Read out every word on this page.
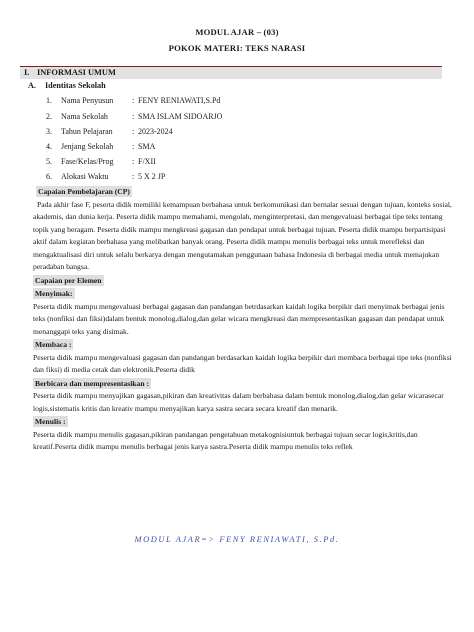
MODUL AJAR – (03)
POKOK MATERI: TEKS NARASI
I. INFORMASI UMUM
A. Identitas Sekolah
1.	Nama Penyusun	: FENY RENIAWATI,S.Pd
2.	Nama Sekolah	: SMA ISLAM SIDOARJO
3.	Tahun Pelajaran	: 2023-2024
4.	Jenjang Sekolah	: SMA
5.	Fase/Kelas/Prog	: F/XII
6.	Alokasi Waktu	: 5 X 2 JP
Capaian Pembelajaran (CP)

Pada akhir fase F, peserta didik memiliki kemampuan berbahasa untuk berkomunikasi dan bernalar sesuai dengan tujuan, konteks sosial, akademis, dan dunia kerja. Peserta didik mampu memahami, mengolah, menginterpretasi, dan mengevaluasi berbagai tipe teks tentang topik yang beragam. Peserta didik mampu mengkreasi gagasan dan pendapat untuk berbagai tujuan. Peserta didik mampu berpartisipasi aktif dalam kegiatan berbahasa yang melibatkan banyak orang. Peserta didik mampu menulis berbagai teks untuk merefleksi dan mengaktualisasi diri untuk selalu berkarya dengan mengutamakan penggunaan bahasa Indonesia di berbagai media untuk memajukan peradaban bangsa.

Capaian per Elemen
Menyimak:

Peserta didik mampu mengevaluasi berbagai gagasan dan pandangan betrdasarkan kaidah logika berpikir dari menyimak berbagai jenis teks (nonfiksi dan fiksi)dalam bentuk monolog,dialog,dan gelar wicara mengkreasi dan mempresentasikan gagasan dan pendapat untuk menanggapi teks yang disimak.

Membaca :

Peserta didik mampu mengevaluasi gagasan dan pandangan berdasarkan kaidah logika berpikir dari membaca berbagai tipe teks (nonfiksi dan fiksi) di media cetak dan elektronik.Peserta didik

Berbicara dan mempresentasikan :

Peserta didik mampu menyajikan gagasan,pikiran dan kreativitas dalam berbahasa dalam bentuk monolog,dialog,dan gelar wicarasecar logis,sistematis kritis dan kreativ mampu menyajikan karya sastra secara secara kreatif dan menarik.

Menulis :

Peserta didik mampu menulis gagasan,pikiran pandangan pengetahuan metakognisiuntuk berbagai tujuan secar logis,kritis,dan kreatif.Peserta didik mampu menulis berbagai jenis karya sastra.Peserta didik mampu menulis teks reflek

MODUL AJAR=> FENY RENIAWATI, S.Pd.
